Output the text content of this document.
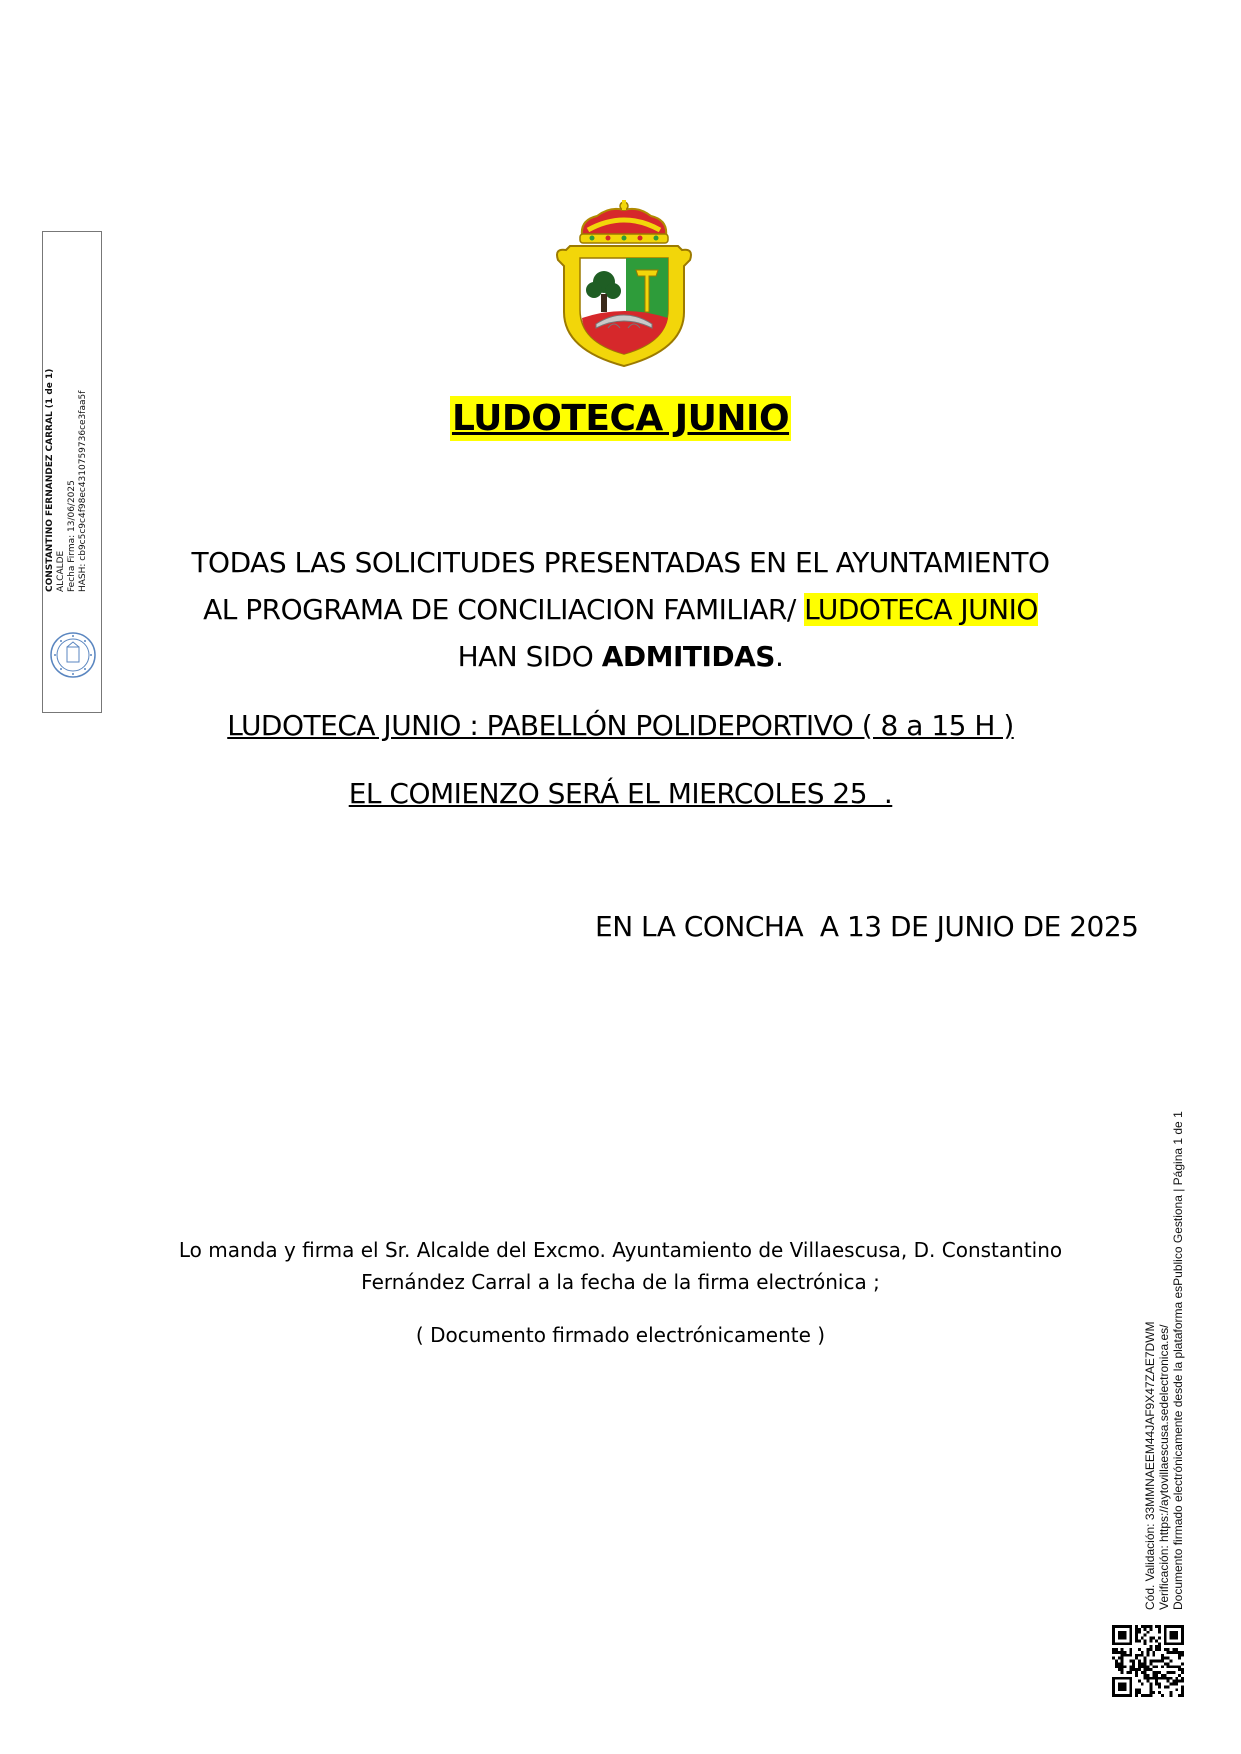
CONSTANTINO FERNANDEZ CARRAL (1 de 1) ALCALDE Fecha Firma: 13/06/2025 HASH: cb9c5c9c4f98ec4310759736ce3faa5f	LUDOTECA JUNIO
TODAS LAS SOLICITUDES PRESENTADAS EN EL AYUNTAMIENTO
AL PROGRAMA DE CONCILIACION FAMILIAR/ LUDOTECA JUNIO
HAN SIDO ADMITIDAS.
LUDOTECA JUNIO : PABELLÓN POLIDEPORTIVO ( 8 a 15 H )
EL COMIENZO SERÁ EL MIERCOLES 25  .
EN LA CONCHA  A 13 DE JUNIO DE 2025
Lo manda y firma el Sr. Alcalde del Excmo. Ayuntamiento de Villaescusa, D. Constantino
Fernández Carral a la fecha de la firma electrónica ;
( Documento firmado electrónicamente )	Cód. Validación: 33MMNAEEM44JAF9X47ZAE7DWM Verificación: https://aytovillaescusa.sedelectronica.es/ Documento firmado electrónicamente desde la plataforma esPublico Gestiona | Página 1 de 1
